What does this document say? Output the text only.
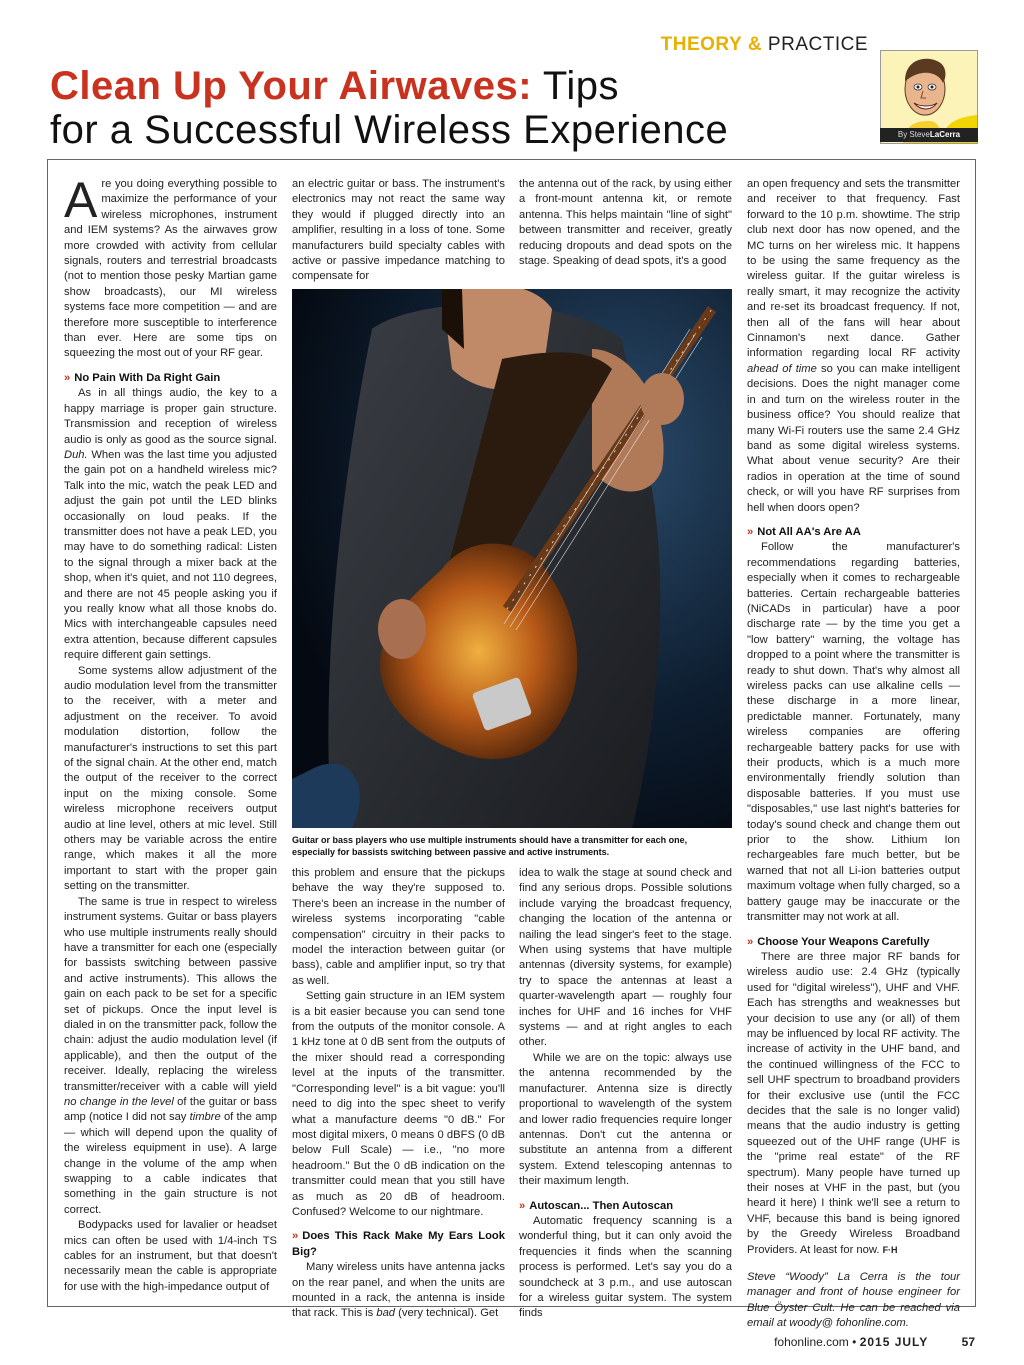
THEORY & PRACTICE
Clean Up Your Airwaves: Tips
for a Successful Wireless Experience	By SteveLaCerra

Are you doing everything possible to maximize the performance of your wireless microphones, instrument and IEM systems? As the airwaves grow more crowded with activity from cellular signals, routers and terrestrial broadcasts (not to mention those pesky Martian game show broadcasts), our MI wireless systems face more competition — and are therefore more susceptible to interference than ever. Here are some tips on squeezing the most out of your RF gear.

» No Pain With Da Right Gain

As in all things audio, the key to a happy marriage is proper gain structure. Transmission and reception of wireless audio is only as good as the source signal. Duh. When was the last time you adjusted the gain pot on a handheld wireless mic? Talk into the mic, watch the peak LED and adjust the gain pot until the LED blinks occasionally on loud peaks. If the transmitter does not have a peak LED, you may have to do something radical: Listen to the signal through a mixer back at the shop, when it's quiet, and not 110 degrees, and there are not 45 people asking you if you really know what all those knobs do. Mics with interchangeable capsules need extra attention, because different capsules require different gain settings.

Some systems allow adjustment of the audio modulation level from the transmitter to the receiver, with a meter and adjustment on the receiver. To avoid modulation distortion, follow the manufacturer's instructions to set this part of the signal chain. At the other end, match the output of the receiver to the correct input on the mixing console. Some wireless microphone receivers output audio at line level, others at mic level. Still others may be variable across the entire range, which makes it all the more important to start with the proper gain setting on the transmitter.

The same is true in respect to wireless instrument systems. Guitar or bass players who use multiple instruments really should have a transmitter for each one (especially for bassists switching between passive and active instruments). This allows the gain on each pack to be set for a specific set of pickups. Once the input level is dialed in on the transmitter pack, follow the chain: adjust the audio modulation level (if applicable), and then the output of the receiver. Ideally, replacing the wireless transmitter/receiver with a cable will yield no change in the level of the guitar or bass amp (notice I did not say timbre of the amp — which will depend upon the quality of the wireless equipment in use). A large change in the volume of the amp when swapping to a cable indicates that something in the gain structure is not correct.

Bodypacks used for lavalier or headset mics can often be used with 1/4-inch TS cables for an instrument, but that doesn't necessarily mean the cable is appropriate for use with the high-impedance output of

an electric guitar or bass. The instrument's electronics may not react the same way they would if plugged directly into an amplifier, resulting in a loss of tone. Some manufacturers build specialty cables with active or passive impedance matching to compensate for

the antenna out of the rack, by using either a front-mount antenna kit, or remote antenna. This helps maintain "line of sight" between transmitter and receiver, greatly reducing dropouts and dead spots on the stage. Speaking of dead spots, it's a good

Guitar or bass players who use multiple instruments should have a transmitter for each one, especially for bassists switching between passive and active instruments.

this problem and ensure that the pickups behave the way they're supposed to. There's been an increase in the number of wireless systems incorporating "cable compensation" circuitry in their packs to model the interaction between guitar (or bass), cable and amplifier input, so try that as well.

Setting gain structure in an IEM system is a bit easier because you can send tone from the outputs of the monitor console. A 1 kHz tone at 0 dB sent from the outputs of the mixer should read a corresponding level at the inputs of the transmitter. "Corresponding level" is a bit vague: you'll need to dig into the spec sheet to verify what a manufacture deems "0 dB." For most digital mixers, 0 means 0 dBFS (0 dB below Full Scale) — i.e., "no more headroom." But the 0 dB indication on the transmitter could mean that you still have as much as 20 dB of headroom. Confused? Welcome to our nightmare.

» Does This Rack Make My Ears Look Big?

Many wireless units have antenna jacks on the rear panel, and when the units are mounted in a rack, the antenna is inside that rack. This is bad (very technical). Get

idea to walk the stage at sound check and find any serious drops. Possible solutions include varying the broadcast frequency, changing the location of the antenna or nailing the lead singer's feet to the stage. When using systems that have multiple antennas (diversity systems, for example) try to space the antennas at least a quarter-wavelength apart — roughly four inches for UHF and 16 inches for VHF systems — and at right angles to each other.

While we are on the topic: always use the antenna recommended by the manufacturer. Antenna size is directly proportional to wavelength of the system and lower radio frequencies require longer antennas. Don't cut the antenna or substitute an antenna from a different system. Extend telescoping antennas to their maximum length.

» Autoscan... Then Autoscan

Automatic frequency scanning is a wonderful thing, but it can only avoid the frequencies it finds when the scanning process is performed. Let's say you do a soundcheck at 3 p.m., and use autoscan for a wireless guitar system. The system finds

an open frequency and sets the transmitter and receiver to that frequency. Fast forward to the 10 p.m. showtime. The strip club next door has now opened, and the MC turns on her wireless mic. It happens to be using the same frequency as the wireless guitar. If the guitar wireless is really smart, it may recognize the activity and re-set its broadcast frequency. If not, then all of the fans will hear about Cinnamon's next dance. Gather information regarding local RF activity ahead of time so you can make intelligent decisions. Does the night manager come in and turn on the wireless router in the business office? You should realize that many Wi-Fi routers use the same 2.4 GHz band as some digital wireless systems. What about venue security? Are their radios in operation at the time of sound check, or will you have RF surprises from hell when doors open?

» Not All AA's Are AA

Follow the manufacturer's recommendations regarding batteries, especially when it comes to rechargeable batteries. Certain rechargeable batteries (NiCADs in particular) have a poor discharge rate — by the time you get a "low battery" warning, the voltage has dropped to a point where the transmitter is ready to shut down. That's why almost all wireless packs can use alkaline cells — these discharge in a more linear, predictable manner. Fortunately, many wireless companies are offering rechargeable battery packs for use with their products, which is a much more environmentally friendly solution than disposable batteries. If you must use "disposables," use last night's batteries for today's sound check and change them out prior to the show. Lithium Ion rechargeables fare much better, but be warned that not all Li-ion batteries output maximum voltage when fully charged, so a battery gauge may be inaccurate or the transmitter may not work at all.

» Choose Your Weapons Carefully

There are three major RF bands for wireless audio use: 2.4 GHz (typically used for "digital wireless"), UHF and VHF. Each has strengths and weaknesses but your decision to use any (or all) of them may be influenced by local RF activity. The increase of activity in the UHF band, and the continued willingness of the FCC to sell UHF spectrum to broadband providers for their exclusive use (until the FCC decides that the sale is no longer valid) means that the audio industry is getting squeezed out of the UHF range (UHF is the "prime real estate" of the RF spectrum). Many people have turned up their noses at VHF in the past, but (you heard it here) I think we'll see a return to VHF, because this band is being ignored by the Greedy Wireless Broadband Providers. At least for now. F·H

Steve “Woody” La Cerra is the tour manager and front of house engineer for Blue Öyster Cult. He can be reached via email at woody@ fohonline.com.

fohonline.com • 2015 JULY	57
